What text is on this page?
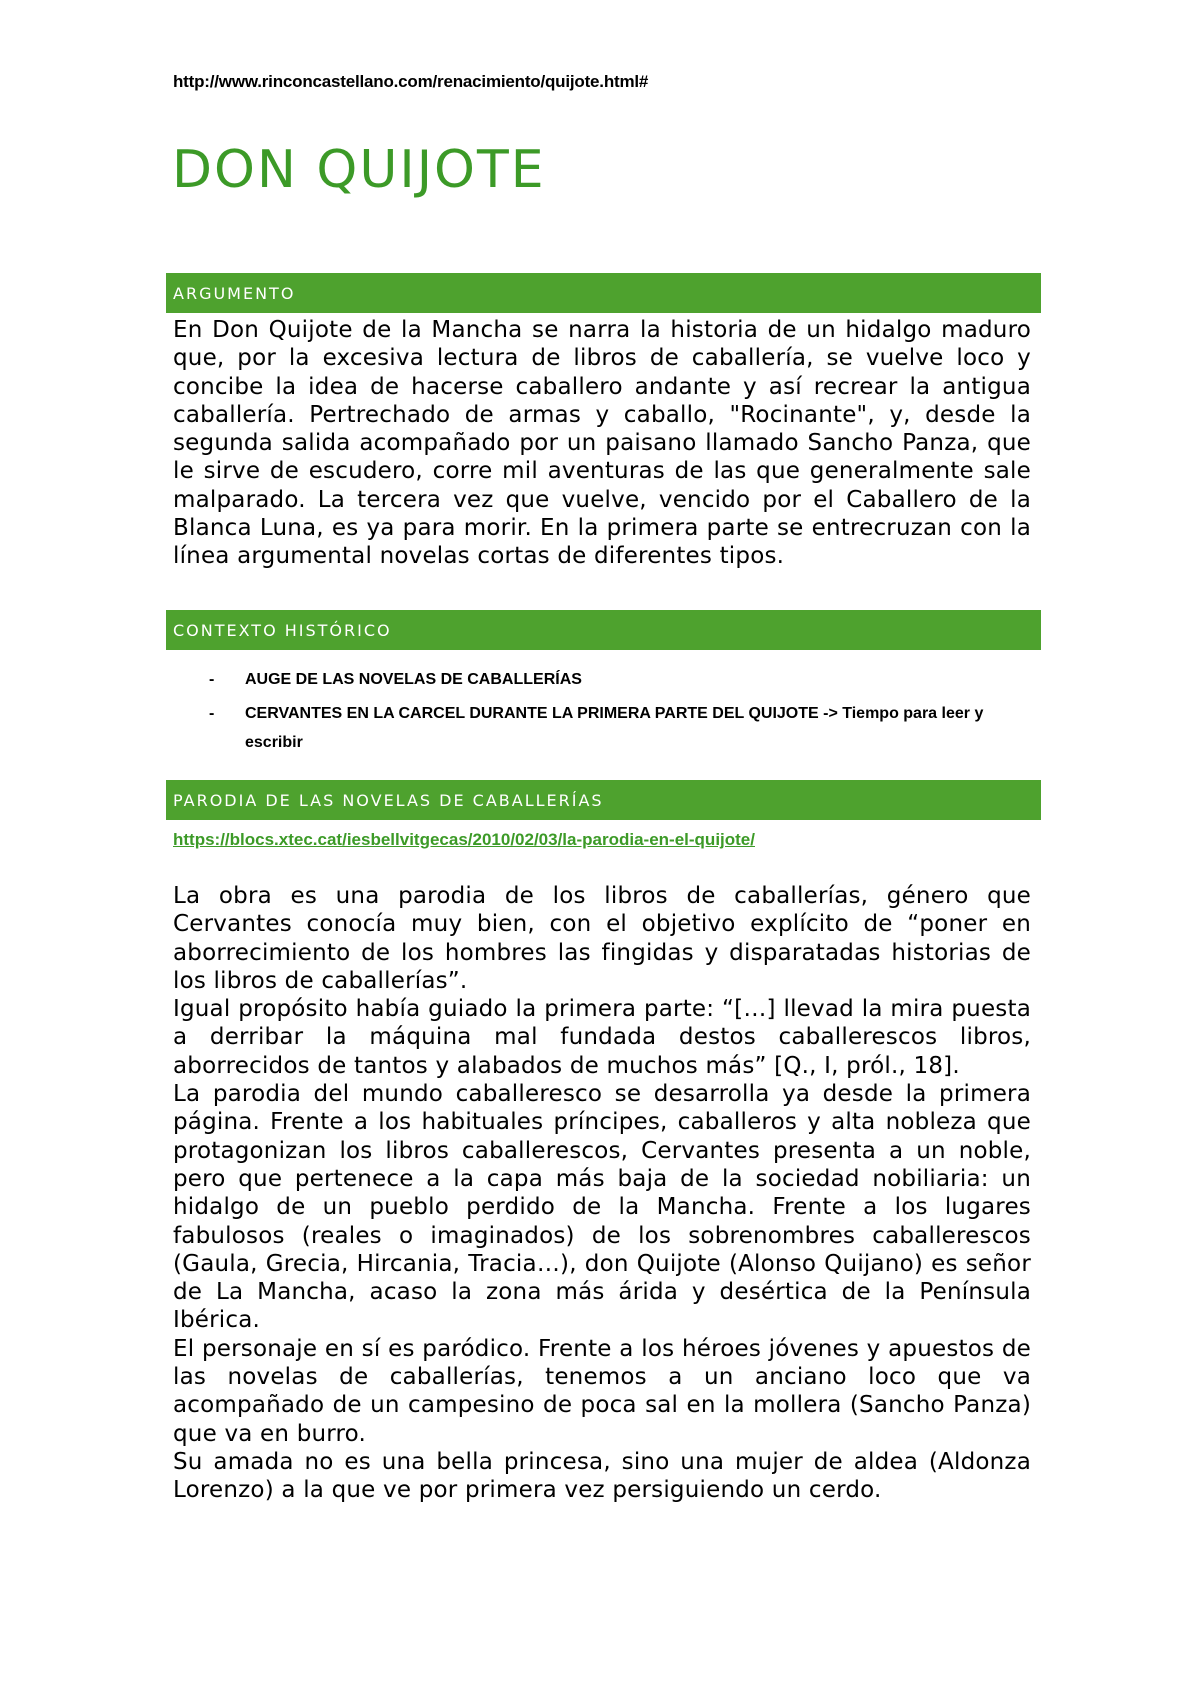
http://www.rinconcastellano.com/renacimiento/quijote.html#
DON QUIJOTE
ARGUMENTO

En Don Quijote de la Mancha se narra la historia de un hidalgo maduro que, por la excesiva lectura de libros de caballería, se vuelve loco y concibe la idea de hacerse caballero andante y así recrear la antigua caballería. Pertrechado de armas y caballo, "Rocinante", y, desde la segunda salida acompañado por un paisano llamado Sancho Panza, que le sirve de escudero, corre mil aventuras de las que generalmente sale malparado. La tercera vez que vuelve, vencido por el Caballero de la Blanca Luna, es ya para morir. En la primera parte se entrecruzan con la línea argumental novelas cortas de diferentes tipos.

CONTEXTO HISTÓRICO
- AUGE DE LAS NOVELAS DE CABALLERÍAS
- CERVANTES EN LA CARCEL DURANTE LA PRIMERA PARTE DEL QUIJOTE -> Tiempo para leer y escribir
PARODIA DE LAS NOVELAS DE CABALLERÍAS
https://blocs.xtec.cat/iesbellvitgecas/2010/02/03/la-parodia-en-el-quijote/

La obra es una parodia de los libros de caballerías, género que Cervantes conocía muy bien, con el objetivo explícito de “poner en aborrecimiento de los hombres las fingidas y disparatadas historias de los libros de caballerías”.

Igual propósito había guiado la primera parte: “[…] llevad la mira puesta a derribar la máquina mal fundada destos caballerescos libros, aborrecidos de tantos y alabados de muchos más” [Q., I, pról., 18].

La parodia del mundo caballeresco se desarrolla ya desde la primera página. Frente a los habituales príncipes, caballeros y alta nobleza que protagonizan los libros caballerescos, Cervantes presenta a un noble, pero que pertenece a la capa más baja de la sociedad nobiliaria: un hidalgo de un pueblo perdido de la Mancha. Frente a los lugares fabulosos (reales o imaginados) de los sobrenombres caballerescos (Gaula, Grecia, Hircania, Tracia…), don Quijote (Alonso Quijano) es señor de La Mancha, acaso la zona más árida y desértica de la Península Ibérica.

El personaje en sí es paródico. Frente a los héroes jóvenes y apuestos de las novelas de caballerías, tenemos a un anciano loco que va acompañado de un campesino de poca sal en la mollera (Sancho Panza) que va en burro.

Su amada no es una bella princesa, sino una mujer de aldea (Aldonza Lorenzo) a la que ve por primera vez persiguiendo un cerdo.
